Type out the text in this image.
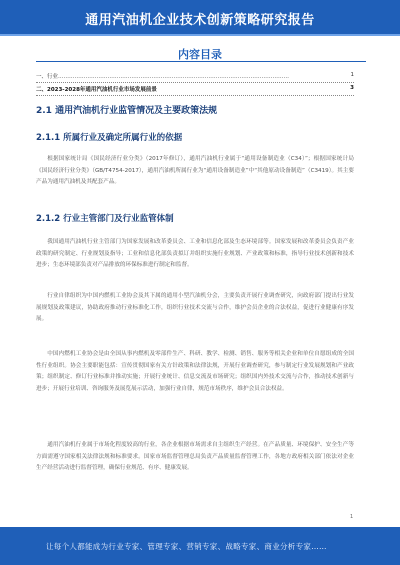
通用汽油机企业技术创新策略研究报告
内容目录
一、行业………………………………………………………………………………………………………………	1
二、2023-2028年通用汽油机行业市场发展前景	3
2.1 通用汽油机行业监管情况及主要政策法规
2.1.1 所属行业及确定所属行业的依据

根据国家统计局《国民经济行业分类》（2017年修订），通用汽油机行业属于“通用设备制造业（C34）”；根据国家统计局《国民经济行业分类》（GB/T4754-2017），通用汽油机所属行业为“通用设备制造业”中“其他原动设备制造”（C3419）。其主要产品为通用汽油机及其配套产品。

2.1.2 行业主管部门及行业监管体制

我国通用汽油机行业主管部门为国家发展和改革委员会、工业和信息化部及生态环境部等。国家发展和改革委员会负责产业政策的研究制定、行业规划及指导；工业和信息化部负责拟订并组织实施行业规划、产业政策和标准，指导行业技术创新和技术进步；生态环境部负责对产品排放的环保标准进行制定和监督。

行业自律组织为中国内燃机工业协会及其下属的通用小型汽油机分会，主要负责开展行业调查研究，向政府部门提出行业发展规划及政策建议，协助政府推动行业标准化工作，组织行业技术交流与合作，维护会员企业的合法权益，促进行业健康有序发展。

中国内燃机工业协会是由全国从事内燃机及零部件生产、科研、教学、检测、销售、服务等相关企业和单位自愿组成的全国性行业组织。协会主要职能包括：宣传贯彻国家有关方针政策和法律法规，开展行业调查研究，参与制定行业发展规划和产业政策；组织制定、修订行业标准并推动实施；开展行业统计、信息交流及市场研究；组织国内外技术交流与合作，推动技术创新与进步；开展行业培训、咨询服务及展览展示活动，加强行业自律，规范市场秩序，维护会员合法权益。

通用汽油机行业属于市场化程度较高的行业，各企业根据市场需求自主组织生产经营。在产品质量、环境保护、安全生产等方面需遵守国家相关法律法规和标准要求。国家市场监督管理总局负责产品质量监督管理工作，各地方政府相关部门依法对企业生产经营活动进行监督管理，确保行业规范、有序、健康发展。

1
让每个人都能成为行业专家、管理专家、营销专家、战略专家、商业分析专家……
